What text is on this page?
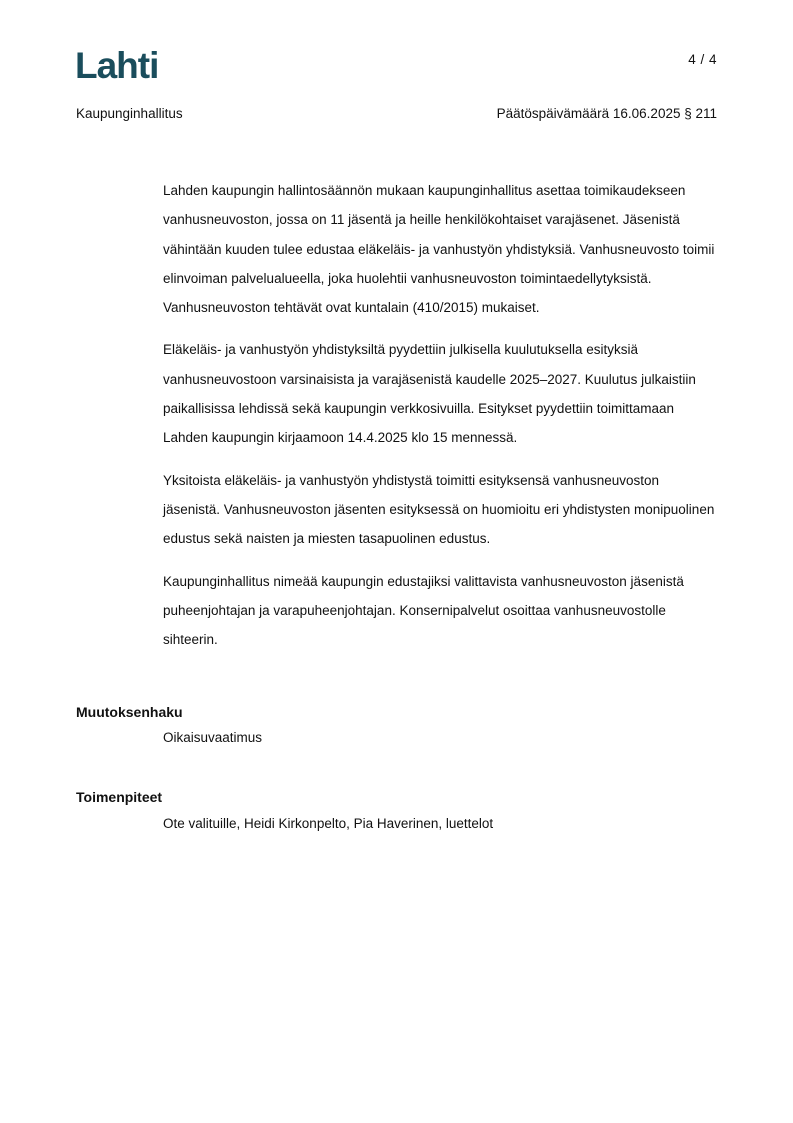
Lahti	4 / 4
Kaupunginhallitus	Päätöspäivämäärä 16.06.2025 § 211

Lahden kaupungin hallintosäännön mukaan kaupunginhallitus asettaa toimikaudekseen vanhusneuvoston, jossa on 11 jäsentä ja heille henkilökohtaiset varajäsenet. Jäsenistä vähintään kuuden tulee edustaa eläkeläis- ja vanhustyön yhdistyksiä. Vanhusneuvosto toimii elinvoiman palvelualueella, joka huolehtii vanhusneuvoston toimintaedellytyksistä. Vanhusneuvoston tehtävät ovat kuntalain (410/2015) mukaiset.

Eläkeläis- ja vanhustyön yhdistyksiltä pyydettiin julkisella kuulutuksella esityksiä vanhusneuvostoon varsinaisista ja varajäsenistä kaudelle 2025–2027. Kuulutus julkaistiin paikallisissa lehdissä sekä kaupungin verkkosivuilla. Esitykset pyydettiin toimittamaan Lahden kaupungin kirjaamoon 14.4.2025 klo 15 mennessä.

Yksitoista eläkeläis- ja vanhustyön yhdistystä toimitti esityksensä vanhusneuvoston jäsenistä. Vanhusneuvoston jäsenten esityksessä on huomioitu eri yhdistysten monipuolinen edustus sekä naisten ja miesten tasapuolinen edustus.

Kaupunginhallitus nimeää kaupungin edustajiksi valittavista vanhusneuvoston jäsenistä puheenjohtajan ja varapuheenjohtajan. Konsernipalvelut osoittaa vanhusneuvostolle sihteerin.

Muutoksenhaku
Oikaisuvaatimus
Toimenpiteet
Ote valituille, Heidi Kirkonpelto, Pia Haverinen, luettelot
